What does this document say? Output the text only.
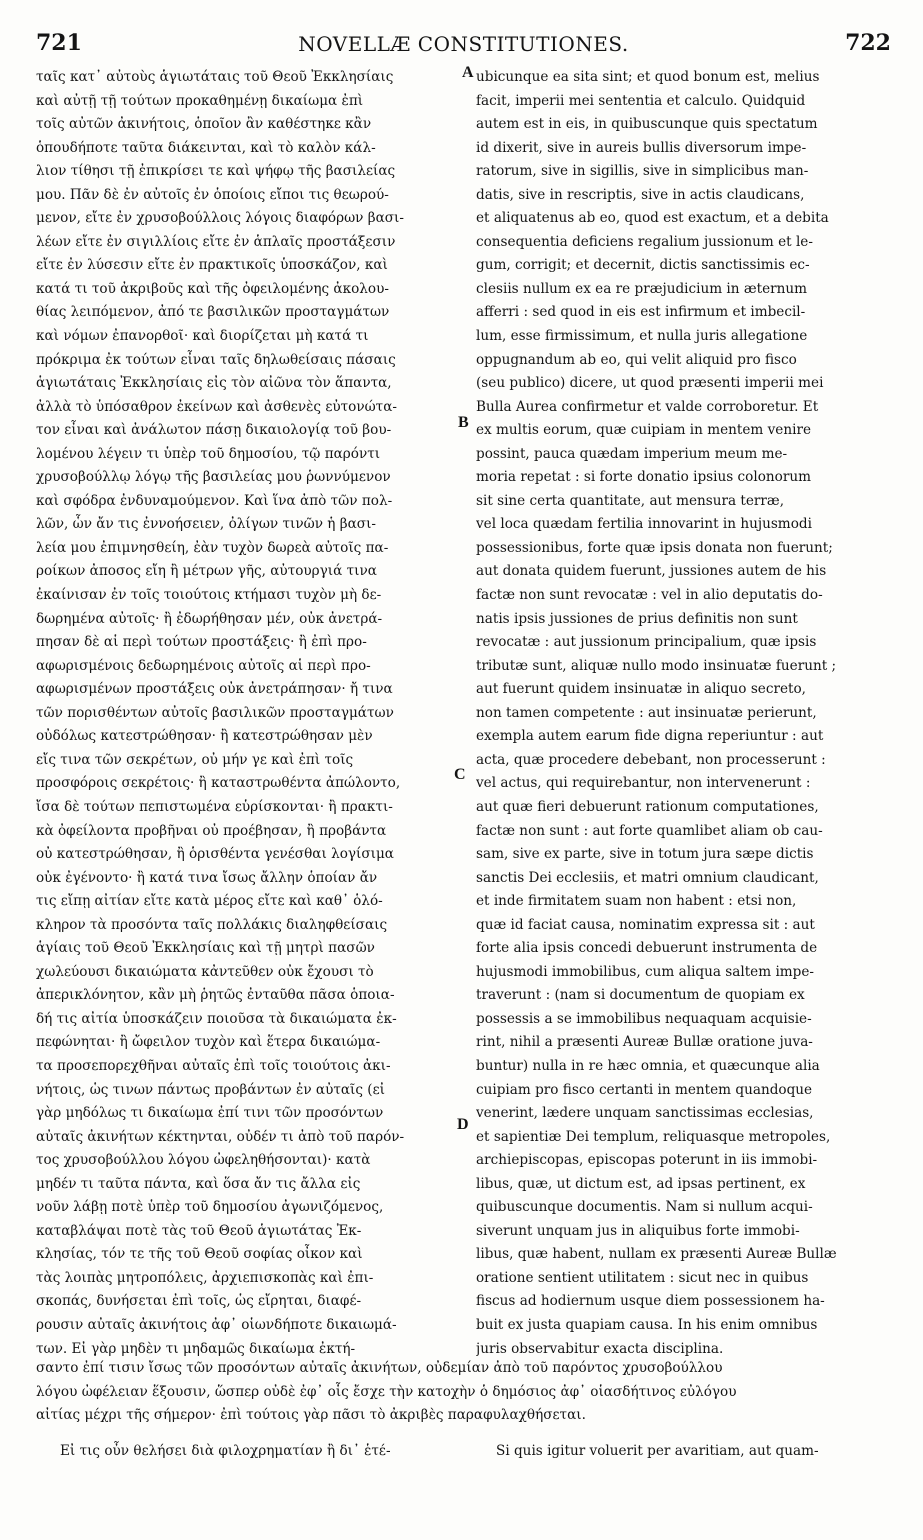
721	NOVELLÆ CONSTITUTIONES.	722
ταῖς κατ᾽ αὐτοὺς ἁγιωτάταις τοῦ Θεοῦ Ἐκκλησίαις
καὶ αὐτῇ τῇ τούτων προκαθημένῃ δικαίωμα ἐπὶ
τοῖς αὐτῶν ἀκινήτοις, ὁποῖον ἂν καθέστηκε κἂν
ὁπουδήποτε ταῦτα διάκεινται, καὶ τὸ καλὸν κάλ-
λιον τίθησι τῇ ἐπικρίσει τε καὶ ψήφῳ τῆς βασιλείας
μου. Πᾶν δὲ ἐν αὐτοῖς ἐν ὁποίοις εἴποι τις θεωρού-
μενον, εἴτε ἐν χρυσοβούλλοις λόγοις διαφόρων βασι-
λέων εἴτε ἐν σιγιλλίοις εἴτε ἐν ἁπλαῖς προστάξεσιν
εἴτε ἐν λύσεσιν εἴτε ἐν πρακτικοῖς ὑποσκάζον, καὶ
κατά τι τοῦ ἀκριβοῦς καὶ τῆς ὀφειλομένης ἀκολου-
θίας λειπόμενον, ἀπό τε βασιλικῶν προσταγμάτων
καὶ νόμων ἐπανορθοῖ· καὶ διορίζεται μὴ κατά τι
πρόκριμα ἐκ τούτων εἶναι ταῖς δηλωθείσαις πάσαις
ἁγιωτάταις Ἐκκλησίαις εἰς τὸν αἰῶνα τὸν ἅπαντα,
ἀλλὰ τὸ ὑπόσαθρον ἐκείνων καὶ ἀσθενὲς εὐτονώτα-
τον εἶναι καὶ ἀνάλωτον πάσῃ δικαιολογίᾳ τοῦ βου-
λομένου λέγειν τι ὑπὲρ τοῦ δημοσίου, τῷ παρόντι
χρυσοβούλλῳ λόγῳ τῆς βασιλείας μου ῥωννύμενον
καὶ σφόδρα ἐνδυναμούμενον. Καὶ ἵνα ἀπὸ τῶν πολ-
λῶν, ὧν ἄν τις ἐννοήσειεν, ὀλίγων τινῶν ἡ βασι-
λεία μου ἐπιμνησθείη, ἐὰν τυχὸν δωρεὰ αὐτοῖς πα-
ροίκων ἀποσος εἴη ἢ μέτρων γῆς, αὐτουργιά τινα
ἐκαίνισαν ἐν τοῖς τοιούτοις κτήμασι τυχὸν μὴ δε-
δωρημένα αὐτοῖς· ἢ ἐδωρήθησαν μέν, οὐκ ἀνετρά-
πησαν δὲ αἱ περὶ τούτων προστάξεις· ἢ ἐπὶ προ-
αφωρισμένοις δεδωρημένοις αὐτοῖς αἱ περὶ προ-
αφωρισμένων προστάξεις οὐκ ἀνετράπησαν· ἤ τινα
τῶν πορισθέντων αὐτοῖς βασιλικῶν προσταγμάτων
οὐδόλως κατεστρώθησαν· ἢ κατεστρώθησαν μὲν
εἴς τινα τῶν σεκρέτων, οὐ μήν γε καὶ ἐπὶ τοῖς
προσφόροις σεκρέτοις· ἢ καταστρωθέντα ἀπώλοντο,
ἴσα δὲ τούτων πεπιστωμένα εὑρίσκονται· ἢ πρακτι-
κὰ ὀφείλοντα προβῆναι οὐ προέβησαν, ἢ προβάντα
οὐ κατεστρώθησαν, ἢ ὁρισθέντα γενέσθαι λογίσιμα
οὐκ ἐγένοντο· ἢ κατά τινα ἴσως ἄλλην ὁποίαν ἄν
τις εἴπῃ αἰτίαν εἴτε κατὰ μέρος εἴτε καὶ καθ᾽ ὁλό-
κληρον τὰ προσόντα ταῖς πολλάκις διαληφθείσαις
ἁγίαις τοῦ Θεοῦ Ἐκκλησίαις καὶ τῇ μητρὶ πασῶν
χωλεύουσι δικαιώματα κἀντεῦθεν οὐκ ἔχουσι τὸ
ἀπερικλόνητον, κἂν μὴ ῥητῶς ἐνταῦθα πᾶσα ὁποια-
δή τις αἰτία ὑποσκάζειν ποιοῦσα τὰ δικαιώματα ἐκ-
πεφώνηται· ἢ ὤφειλον τυχὸν καὶ ἕτερα δικαιώμα-
τα προσεπορεχθῆναι αὐταῖς ἐπὶ τοῖς τοιούτοις ἀκι-
νήτοις, ὡς τινων πάντως προβάντων ἐν αὐταῖς (εἰ
γὰρ μηδόλως τι δικαίωμα ἐπί τινι τῶν προσόντων
αὐταῖς ἀκινήτων κέκτηνται, οὐδέν τι ἀπὸ τοῦ παρόν-
τος χρυσοβούλλου λόγου ὠφεληθήσονται)· κατὰ
μηδέν τι ταῦτα πάντα, καὶ ὅσα ἄν τις ἄλλα εἰς
νοῦν λάβῃ ποτὲ ὑπὲρ τοῦ δημοσίου ἀγωνιζόμενος,
καταβλάψαι ποτὲ τὰς τοῦ Θεοῦ ἁγιωτάτας Ἐκ-
κλησίας, τόν τε τῆς τοῦ Θεοῦ σοφίας οἶκον καὶ
τὰς λοιπὰς μητροπόλεις, ἀρχιεπισκοπὰς καὶ ἐπι-
σκοπάς, δυνήσεται ἐπὶ τοῖς, ὡς εἴρηται, διαφέ-
ρουσιν αὐταῖς ἀκινήτοις ἀφ᾽ οἱωνδήποτε δικαιωμά-
των. Εἰ γὰρ μηδὲν τι μηδαμῶς δικαίωμα ἐκτή-
ubicunque ea sita sint; et quod bonum est, melius
facit, imperii mei sententia et calculo. Quidquid
autem est in eis, in quibuscunque quis spectatum
id dixerit, sive in aureis bullis diversorum impe-
ratorum, sive in sigillis, sive in simplicibus man-
datis, sive in rescriptis, sive in actis claudicans,
et aliquatenus ab eo, quod est exactum, et a debita
consequentia deficiens regalium jussionum et le-
gum, corrigit; et decernit, dictis sanctissimis ec-
clesiis nullum ex ea re præjudicium in æternum
afferri : sed quod in eis est infirmum et imbecil-
lum, esse firmissimum, et nulla juris allegatione
oppugnandum ab eo, qui velit aliquid pro fisco
(seu publico) dicere, ut quod præsenti imperii mei
Bulla Aurea confirmetur et valde corroboretur. Et
ex multis eorum, quæ cuipiam in mentem venire
possint, pauca quædam imperium meum me-
moria repetat : si forte donatio ipsius colonorum
sit sine certa quantitate, aut mensura terræ,
vel loca quædam fertilia innovarint in hujusmodi
possessionibus, forte quæ ipsis donata non fuerunt;
aut donata quidem fuerunt, jussiones autem de his
factæ non sunt revocatæ : vel in alio deputatis do-
natis ipsis jussiones de prius definitis non sunt
revocatæ : aut jussionum principalium, quæ ipsis
tributæ sunt, aliquæ nullo modo insinuatæ fuerunt ;
aut fuerunt quidem insinuatæ in aliquo secreto,
non tamen competente : aut insinuatæ perierunt,
exempla autem earum fide digna reperiuntur : aut
acta, quæ procedere debebant, non processerunt :
vel actus, qui requirebantur, non intervenerunt :
aut quæ fieri debuerunt rationum computationes,
factæ non sunt : aut forte quamlibet aliam ob cau-
sam, sive ex parte, sive in totum jura sæpe dictis
sanctis Dei ecclesiis, et matri omnium claudicant,
et inde firmitatem suam non habent : etsi non,
quæ id faciat causa, nominatim expressa sit : aut
forte alia ipsis concedi debuerunt instrumenta de
hujusmodi immobilibus, cum aliqua saltem impe-
traverunt : (nam si documentum de quopiam ex
possessis a se immobilibus nequaquam acquisie-
rint, nihil a præsenti Aureæ Bullæ oratione juva-
buntur) nulla in re hæc omnia, et quæcunque alia
cuipiam pro fisco certanti in mentem quandoque
venerint, lædere unquam sanctissimas ecclesias,
et sapientiæ Dei templum, reliquasque metropoles,
archiepiscopas, episcopas poterunt in iis immobi-
libus, quæ, ut dictum est, ad ipsas pertinent, ex
quibuscunque documentis. Nam si nullum acqui-
siverunt unquam jus in aliquibus forte immobi-
libus, quæ habent, nullam ex præsenti Aureæ Bullæ
oratione sentient utilitatem : sicut nec in quibus
fiscus ad hodiernum usque diem possessionem ha-
buit ex justa quapiam causa. In his enim omnibus
juris observabitur exacta disciplina.
A
B
C
D
σαντο ἐπί τισιν ἴσως τῶν προσόντων αὐταῖς ἀκινήτων, οὐδεμίαν ἀπὸ τοῦ παρόντος χρυσοβούλλου
λόγου ὠφέλειαν ἕξουσιν, ὥσπερ οὐδὲ ἐφ᾽ οἷς ἔσχε τὴν κατοχὴν ὁ δημόσιος ἀφ᾽ οἱασδήτινος εὐλόγου
αἰτίας μέχρι τῆς σήμερον· ἐπὶ τούτοις γὰρ πᾶσι τὸ ἀκριβὲς παραφυλαχθήσεται.
Εἰ τις οὖν θελήσει διὰ φιλοχρηματίαν ἢ δι᾽ ἑτέ-	Si quis igitur voluerit per avaritiam, aut quam-
